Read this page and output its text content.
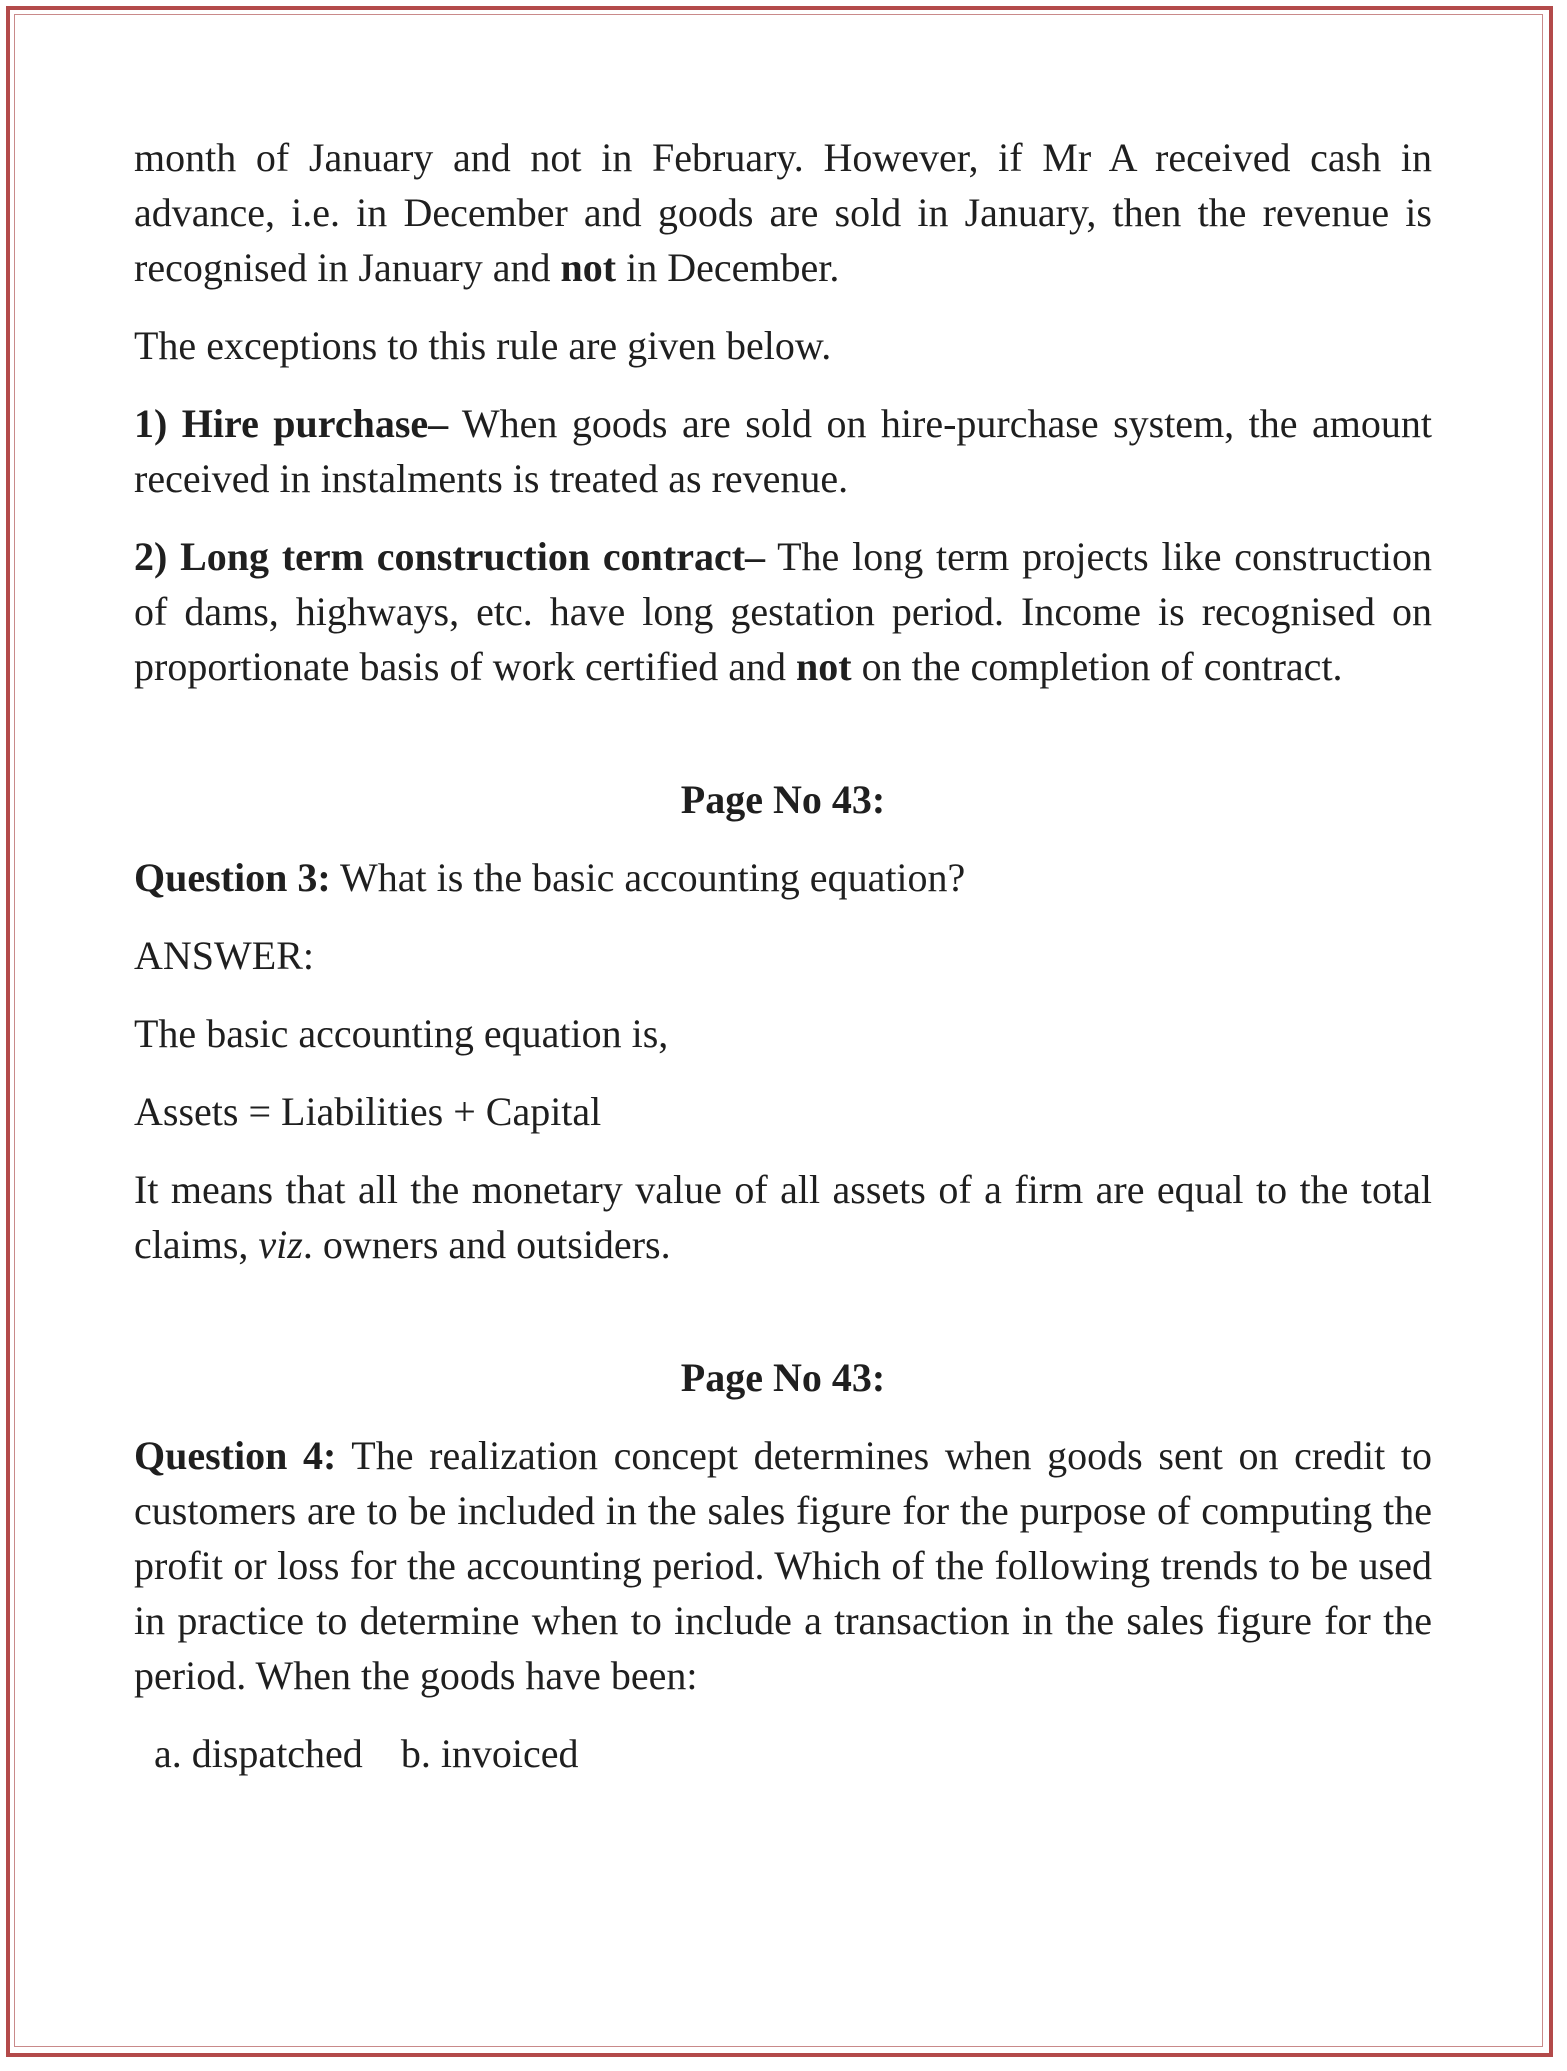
month of January and not in February. However, if Mr A received cash in advance, i.e. in December and goods are sold in January, then the revenue is recognised in January and not in December.

The exceptions to this rule are given below.

1) Hire purchase– When goods are sold on hire-purchase system, the amount received in instalments is treated as revenue.

2) Long term construction contract– The long term projects like construction of dams, highways, etc. have long gestation period. Income is recognised on proportionate basis of work certified and not on the completion of contract.

Page No 43:

Question 3: What is the basic accounting equation?

ANSWER:

The basic accounting equation is,

Assets = Liabilities + Capital

It means that all the monetary value of all assets of a firm are equal to the total claims, viz. owners and outsiders.

Page No 43:

Question 4: The realization concept determines when goods sent on credit to customers are to be included in the sales figure for the purpose of computing the profit or loss for the accounting period. Which of the following trends to be used in practice to determine when to include a transaction in the sales figure for the period. When the goods have been:

a. dispatched b. invoiced
